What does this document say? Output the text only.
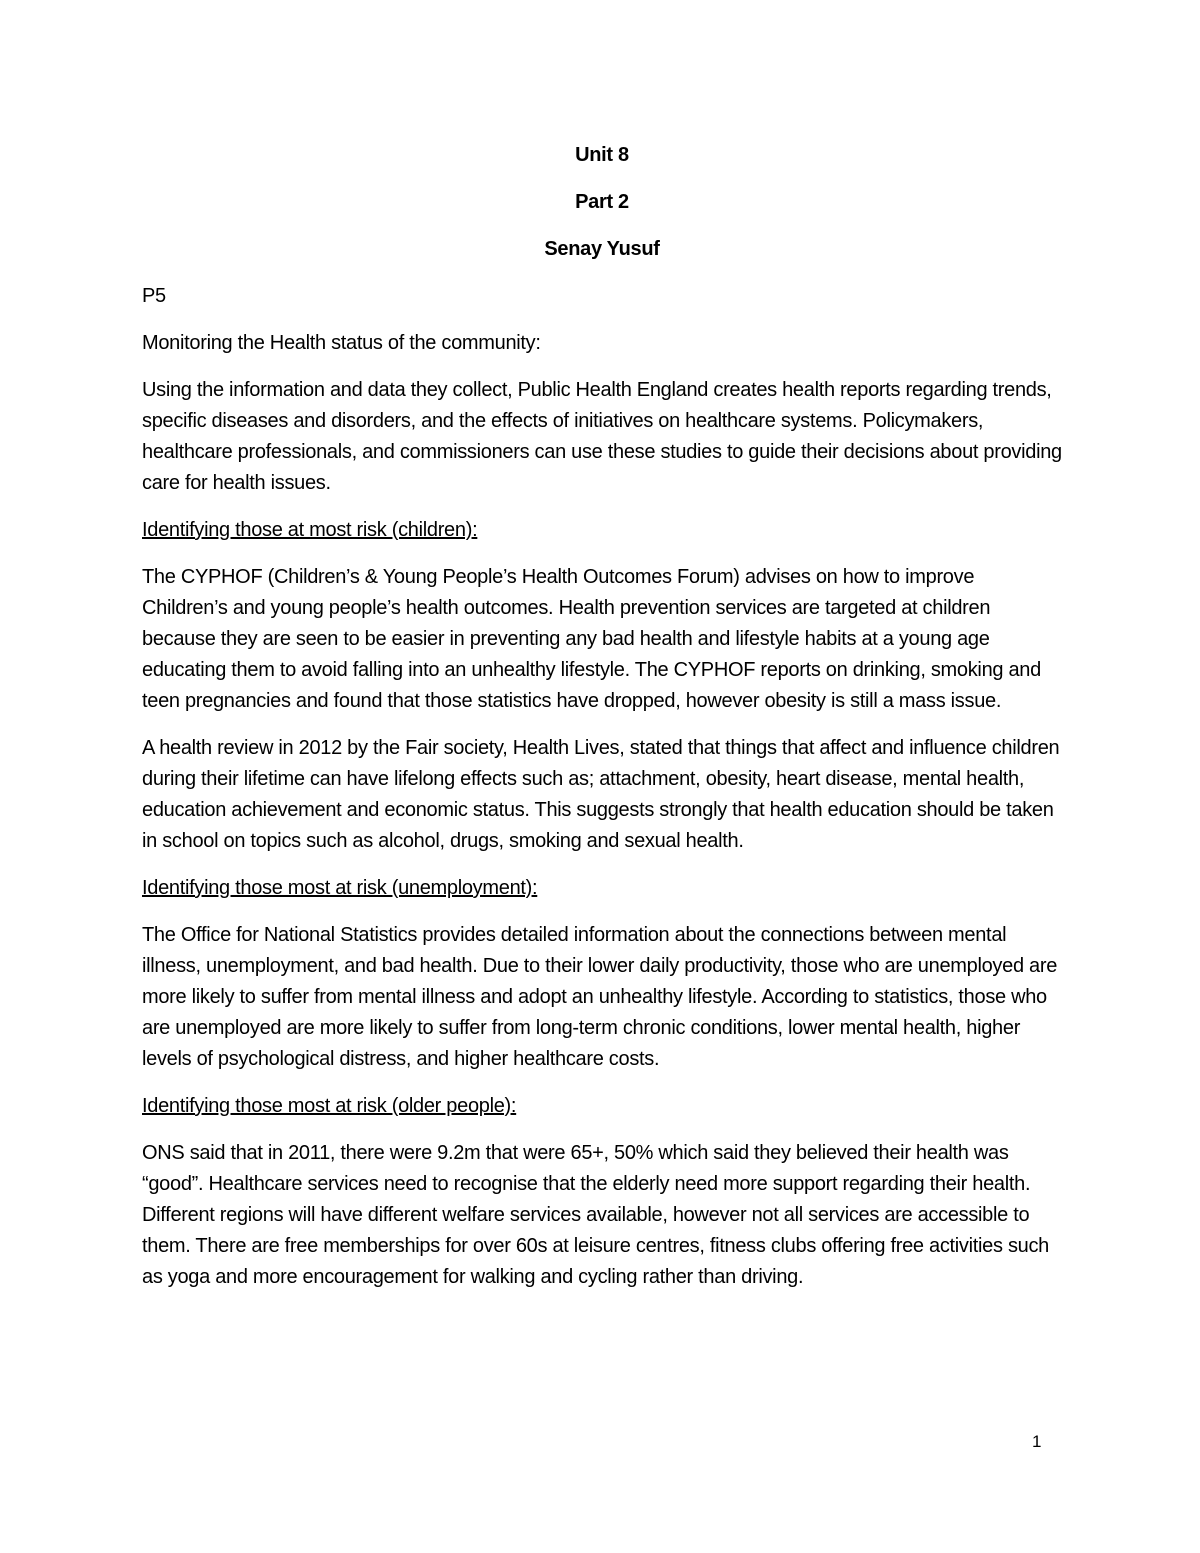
Unit 8
Part 2
Senay Yusuf
P5
Monitoring the Health status of the community:
Using the information and data they collect, Public Health England creates health reports regarding trends, specific diseases and disorders, and the effects of initiatives on healthcare systems. Policymakers, healthcare professionals, and commissioners can use these studies to guide their decisions about providing care for health issues.
Identifying those at most risk (children):
The CYPHOF (Children’s & Young People’s Health Outcomes Forum) advises on how to improve Children’s and young people’s health outcomes. Health prevention services are targeted at children because they are seen to be easier in preventing any bad health and lifestyle habits at a young age educating them to avoid falling into an unhealthy lifestyle. The CYPHOF reports on drinking, smoking and teen pregnancies and found that those statistics have dropped, however obesity is still a mass issue.
A health review in 2012 by the Fair society, Health Lives, stated that things that affect and influence children during their lifetime can have lifelong effects such as; attachment, obesity, heart disease, mental health, education achievement and economic status. This suggests strongly that health education should be taken in school on topics such as alcohol, drugs, smoking and sexual health.
Identifying those most at risk (unemployment):
The Office for National Statistics provides detailed information about the connections between mental illness, unemployment, and bad health. Due to their lower daily productivity, those who are unemployed are more likely to suffer from mental illness and adopt an unhealthy lifestyle. According to statistics, those who are unemployed are more likely to suffer from long-term chronic conditions, lower mental health, higher levels of psychological distress, and higher healthcare costs.
Identifying those most at risk (older people):
ONS said that in 2011, there were 9.2m that were 65+, 50% which said they believed their health was “good”. Healthcare services need to recognise that the elderly need more support regarding their health. Different regions will have different welfare services available, however not all services are accessible to them. There are free memberships for over 60s at leisure centres, fitness clubs offering free activities such as yoga and more encouragement for walking and cycling rather than driving.
1
